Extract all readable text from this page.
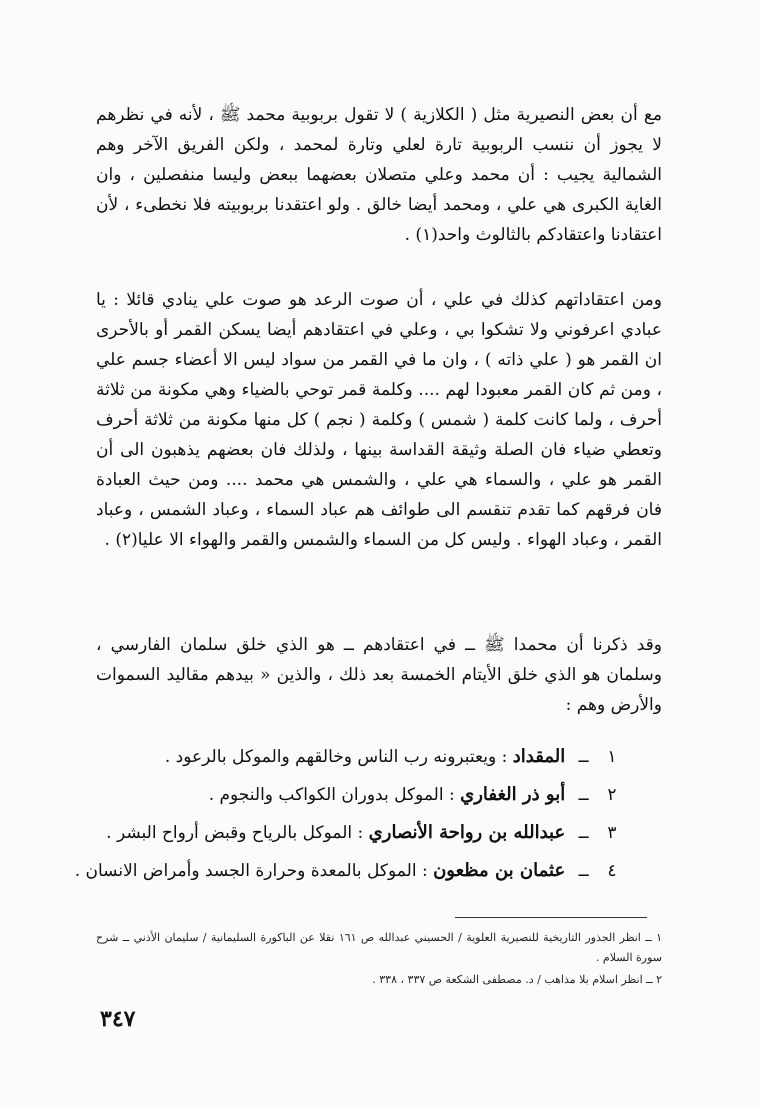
مع أن بعض النصيرية مثل ( الكلازية ) لا تقول بربوبية محمد ﷺ ، لأنه في نظرهم لا يجوز أن ننسب الربوبية تارة لعلي وتارة لمحمد ، ولكن الفريق الآخر وهم الشمالية يجيب : أن محمد وعلي متصلان بعضهما ببعض وليسا منفصلين ، وان الغاية الكبرى هي علي ، ومحمد أيضا خالق . ولو اعتقدنا بربوبيته فلا نخطىء ، لأن اعتقادنا واعتقادكم بالثالوث واحد(١) .

ومن اعتقاداتهم كذلك في علي ، أن صوت الرعد هو صوت علي ينادي قائلا : يا عبادي اعرفوني ولا تشكوا بي ، وعلي في اعتقادهم أيضا يسكن القمر أو بالأحرى ان القمر هو ( علي ذاته ) ، وان ما في القمر من سواد ليس الا أعضاء جسم علي ، ومن ثم كان القمر معبودا لهم .... وكلمة قمر توحي بالضياء وهي مكونة من ثلاثة أحرف ، ولما كانت كلمة ( شمس ) وكلمة ( نجم ) كل منها مكونة من ثلاثة أحرف وتعطي ضياء فان الصلة وثيقة القداسة بينها ، ولذلك فان بعضهم يذهبون الى أن القمر هو علي ، والسماء هي علي ، والشمس هي محمد .... ومن حيث العبادة فان فرقهم كما تقدم تنقسم الى طوائف هم عباد السماء ، وعباد الشمس ، وعباد القمر ، وعباد الهواء . وليس كل من السماء والشمس والقمر والهواء الا عليا(٢) .

وقد ذكرنا أن محمدا ﷺ ــ في اعتقادهم ــ هو الذي خلق سلمان الفارسي ، وسلمان هو الذي خلق الأيتام الخمسة بعد ذلك ، والذين « بيدهم مقاليد السموات والأرض وهم :

١ ــ المقداد : ويعتبرونه رب الناس وخالقهم والموكل بالرعود .
٢ ــ أبو ذر الغفاري : الموكل بدوران الكواكب والنجوم .
٣ ــ عبدالله بن رواحة الأنصاري : الموكل بالرياح وقبض أرواح البشر .
٤ ــ عثمان بن مظعون : الموكل بالمعدة وحرارة الجسد وأمراض الانسان .

١ ــ انظر الجذور التاريخية للنصيرية العلوية / الحسيني عبدالله ص ١٦١ نقلا عن الباكورة السليمانية / سليمان الأذني ــ شرح سورة السلام .

٢ ــ انظر اسلام بلا مذاهب / د. مصطفى الشكعة ص ٣٣٧ ، ٣٣٨ .

٣٤٧
